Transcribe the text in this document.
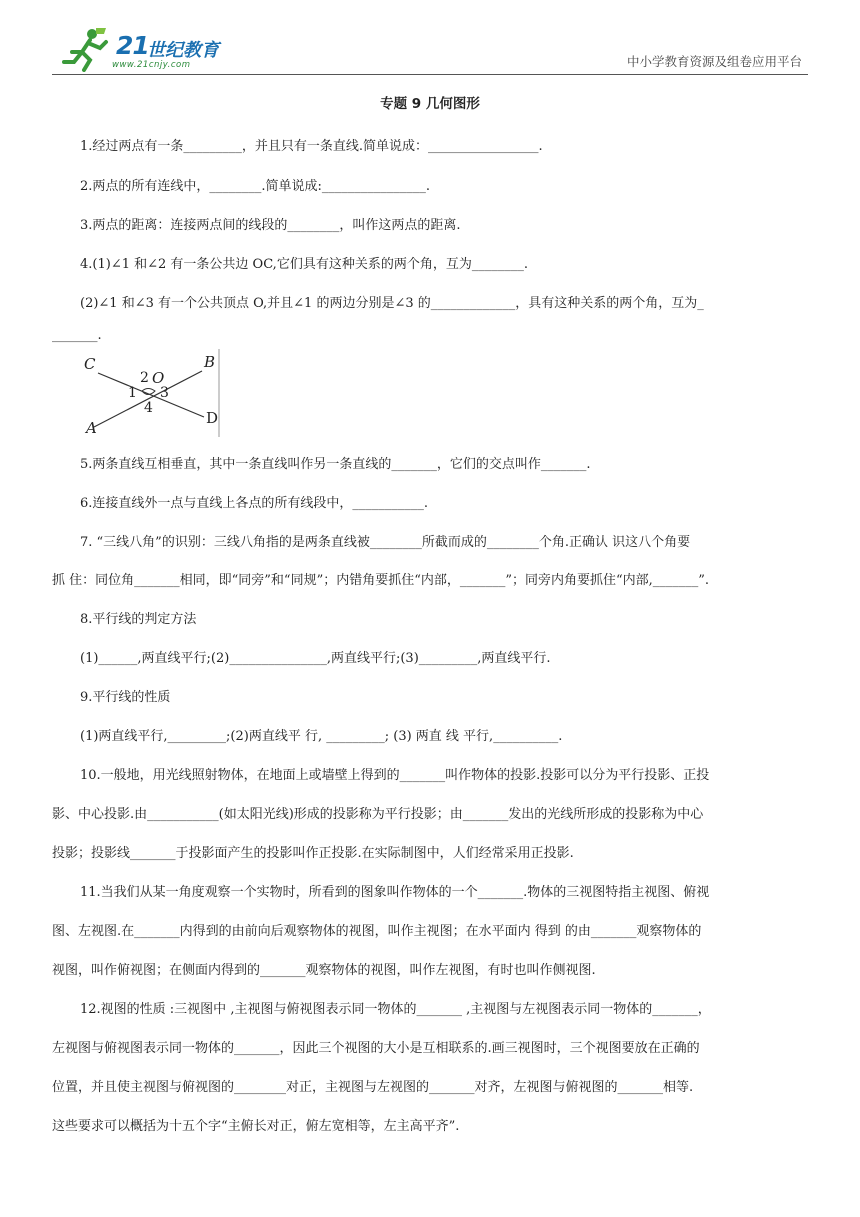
21
世纪教育
www.21cnjy.com	中小学教育资源及组卷应用平台
专题 9 几何图形
1.经过两点有一条_________，并且只有一条直线.简单说成：_________________.
2.两点的所有连线中，________.简单说成:________________.
3.两点的距离：连接两点间的线段的________，叫作这两点的距离.
4.(1)∠1 和∠2 有一条公共边 OC,它们具有这种关系的两个角，互为________.
(2)∠1 和∠3 有一个公共顶点 O,并且∠1 的两边分别是∠3 的_____________，具有这种关系的两个角，互为_
_______.
C	B
2 O
1 3
4
A
D
5.两条直线互相垂直，其中一条直线叫作另一条直线的_______，它们的交点叫作_______.
6.连接直线外一点与直线上各点的所有线段中，___________.
7. “三线八角”的识别：三线八角指的是两条直线被________所截而成的________个角.正确认 识这八个角要
抓 住：同位角_______相同，即“同旁”和“同规”；内错角要抓住“内部，_______”；同旁内角要抓住“内部,_______”.
8.平行线的判定方法
(1)______,两直线平行;(2)_______________,两直线平行;(3)_________,两直线平行.
9.平行线的性质
(1)两直线平行,_________;(2)两直线平 行, _________; (3) 两直 线 平行,__________.
10.一般地，用光线照射物体，在地面上或墙壁上得到的_______叫作物体的投影.投影可以分为平行投影、正投
影、中心投影.由___________(如太阳光线)形成的投影称为平行投影；由_______发出的光线所形成的投影称为中心
投影；投影线_______于投影面产生的投影叫作正投影.在实际制图中，人们经常采用正投影.
11.当我们从某一角度观察一个实物时，所看到的图象叫作物体的一个_______.物体的三视图特指主视图、俯视
图、左视图.在_______内得到的由前向后观察物体的视图，叫作主视图；在水平面内 得到 的由_______观察物体的
视图，叫作俯视图；在侧面内得到的_______观察物体的视图，叫作左视图，有时也叫作侧视图.
12.视图的性质 :三视图中 ,主视图与俯视图表示同一物体的_______ ,主视图与左视图表示同一物体的_______，
左视图与俯视图表示同一物体的_______，因此三个视图的大小是互相联系的.画三视图时，三个视图要放在正确的
位置，并且使主视图与俯视图的________对正，主视图与左视图的_______对齐，左视图与俯视图的_______相等.
这些要求可以概括为十五个字“主俯长对正，俯左宽相等，左主高平齐”.
